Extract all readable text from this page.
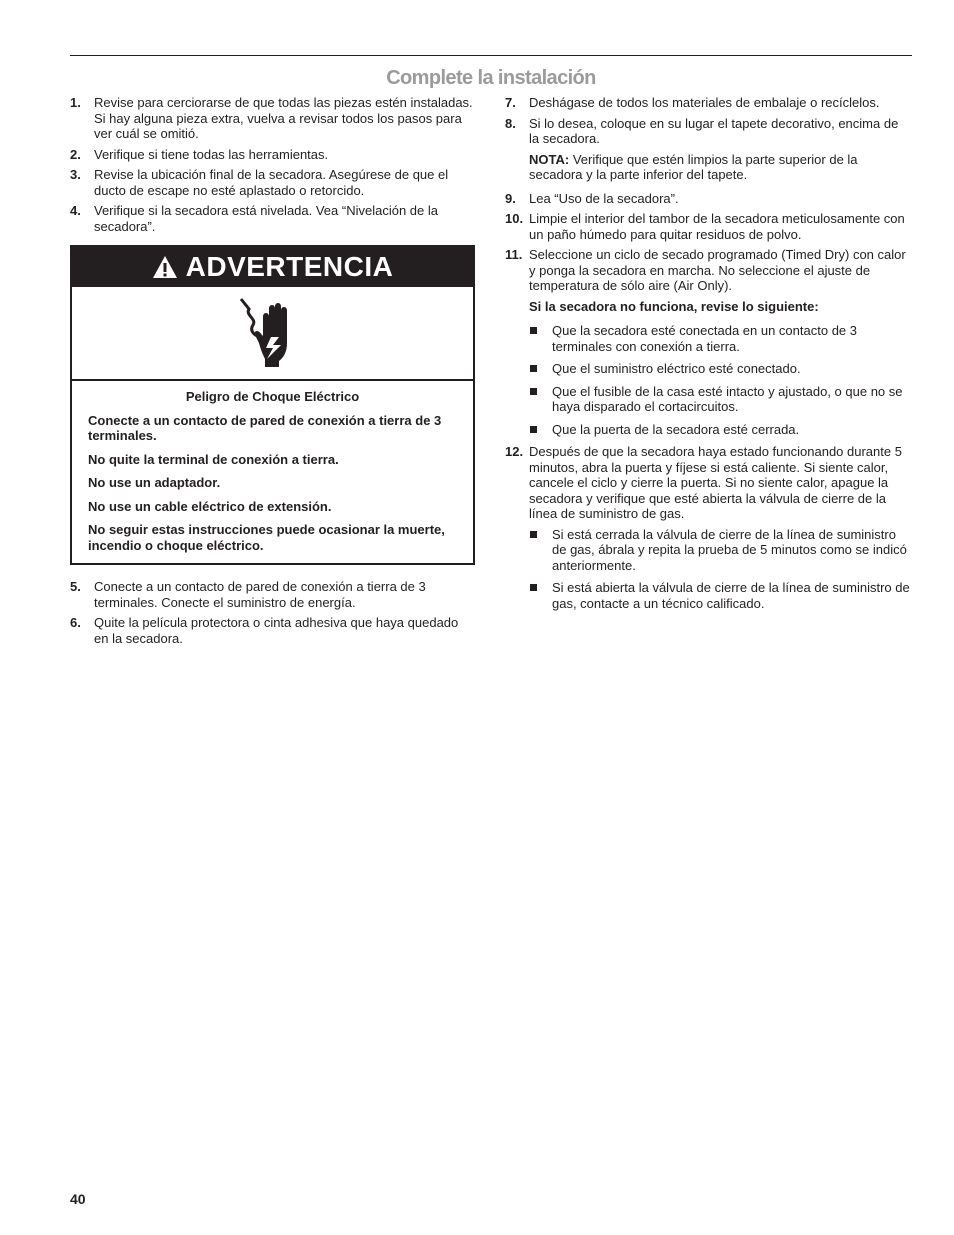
Complete la instalación
1. Revise para cerciorarse de que todas las piezas estén instaladas. Si hay alguna pieza extra, vuelva a revisar todos los pasos para ver cuál se omitió.
2. Verifique si tiene todas las herramientas.
3. Revise la ubicación final de la secadora. Asegúrese de que el ducto de escape no esté aplastado o retorcido.
4. Verifique si la secadora está nivelada. Vea “Nivelación de la secadora”.
ADVERTENCIA

Peligro de Choque Eléctrico

Conecte a un contacto de pared de conexión a tierra de 3 terminales.

No quite la terminal de conexión a tierra.

No use un adaptador.

No use un cable eléctrico de extensión.

No seguir estas instrucciones puede ocasionar la muerte, incendio o choque eléctrico.

5. Conecte a un contacto de pared de conexión a tierra de 3 terminales. Conecte el suministro de energía.
6. Quite la película protectora o cinta adhesiva que haya quedado en la secadora.
7.	Deshágase de todos los materiales de embalaje o recíclelos.
8.	Si lo desea, coloque en su lugar el tapete decorativo, encima de la secadora.
NOTA: Verifique que estén limpios la parte superior de la secadora y la parte inferior del tapete.
9.	Lea “Uso de la secadora”.
10. Limpie el interior del tambor de la secadora meticulosamente con un paño húmedo para quitar residuos de polvo.
11. Seleccione un ciclo de secado programado (Timed Dry) con calor y ponga la secadora en marcha. No seleccione el ajuste de temperatura de sólo aire (Air Only).
Si la secadora no funciona, revise lo siguiente:
Que la secadora esté conectada en un contacto de 3 terminales con conexión a tierra.
Que el suministro eléctrico esté conectado.
Que el fusible de la casa esté intacto y ajustado, o que no se haya disparado el cortacircuitos.
Que la puerta de la secadora esté cerrada.
12. Después de que la secadora haya estado funcionando durante 5 minutos, abra la puerta y fíjese si está caliente. Si siente calor, cancele el ciclo y cierre la puerta. Si no siente calor, apague la secadora y verifique que esté abierta la válvula de cierre de la línea de suministro de gas.
Si está cerrada la válvula de cierre de la línea de suministro de gas, ábrala y repita la prueba de 5 minutos como se indicó anteriormente.
Si está abierta la válvula de cierre de la línea de suministro de gas, contacte a un técnico calificado.
40
